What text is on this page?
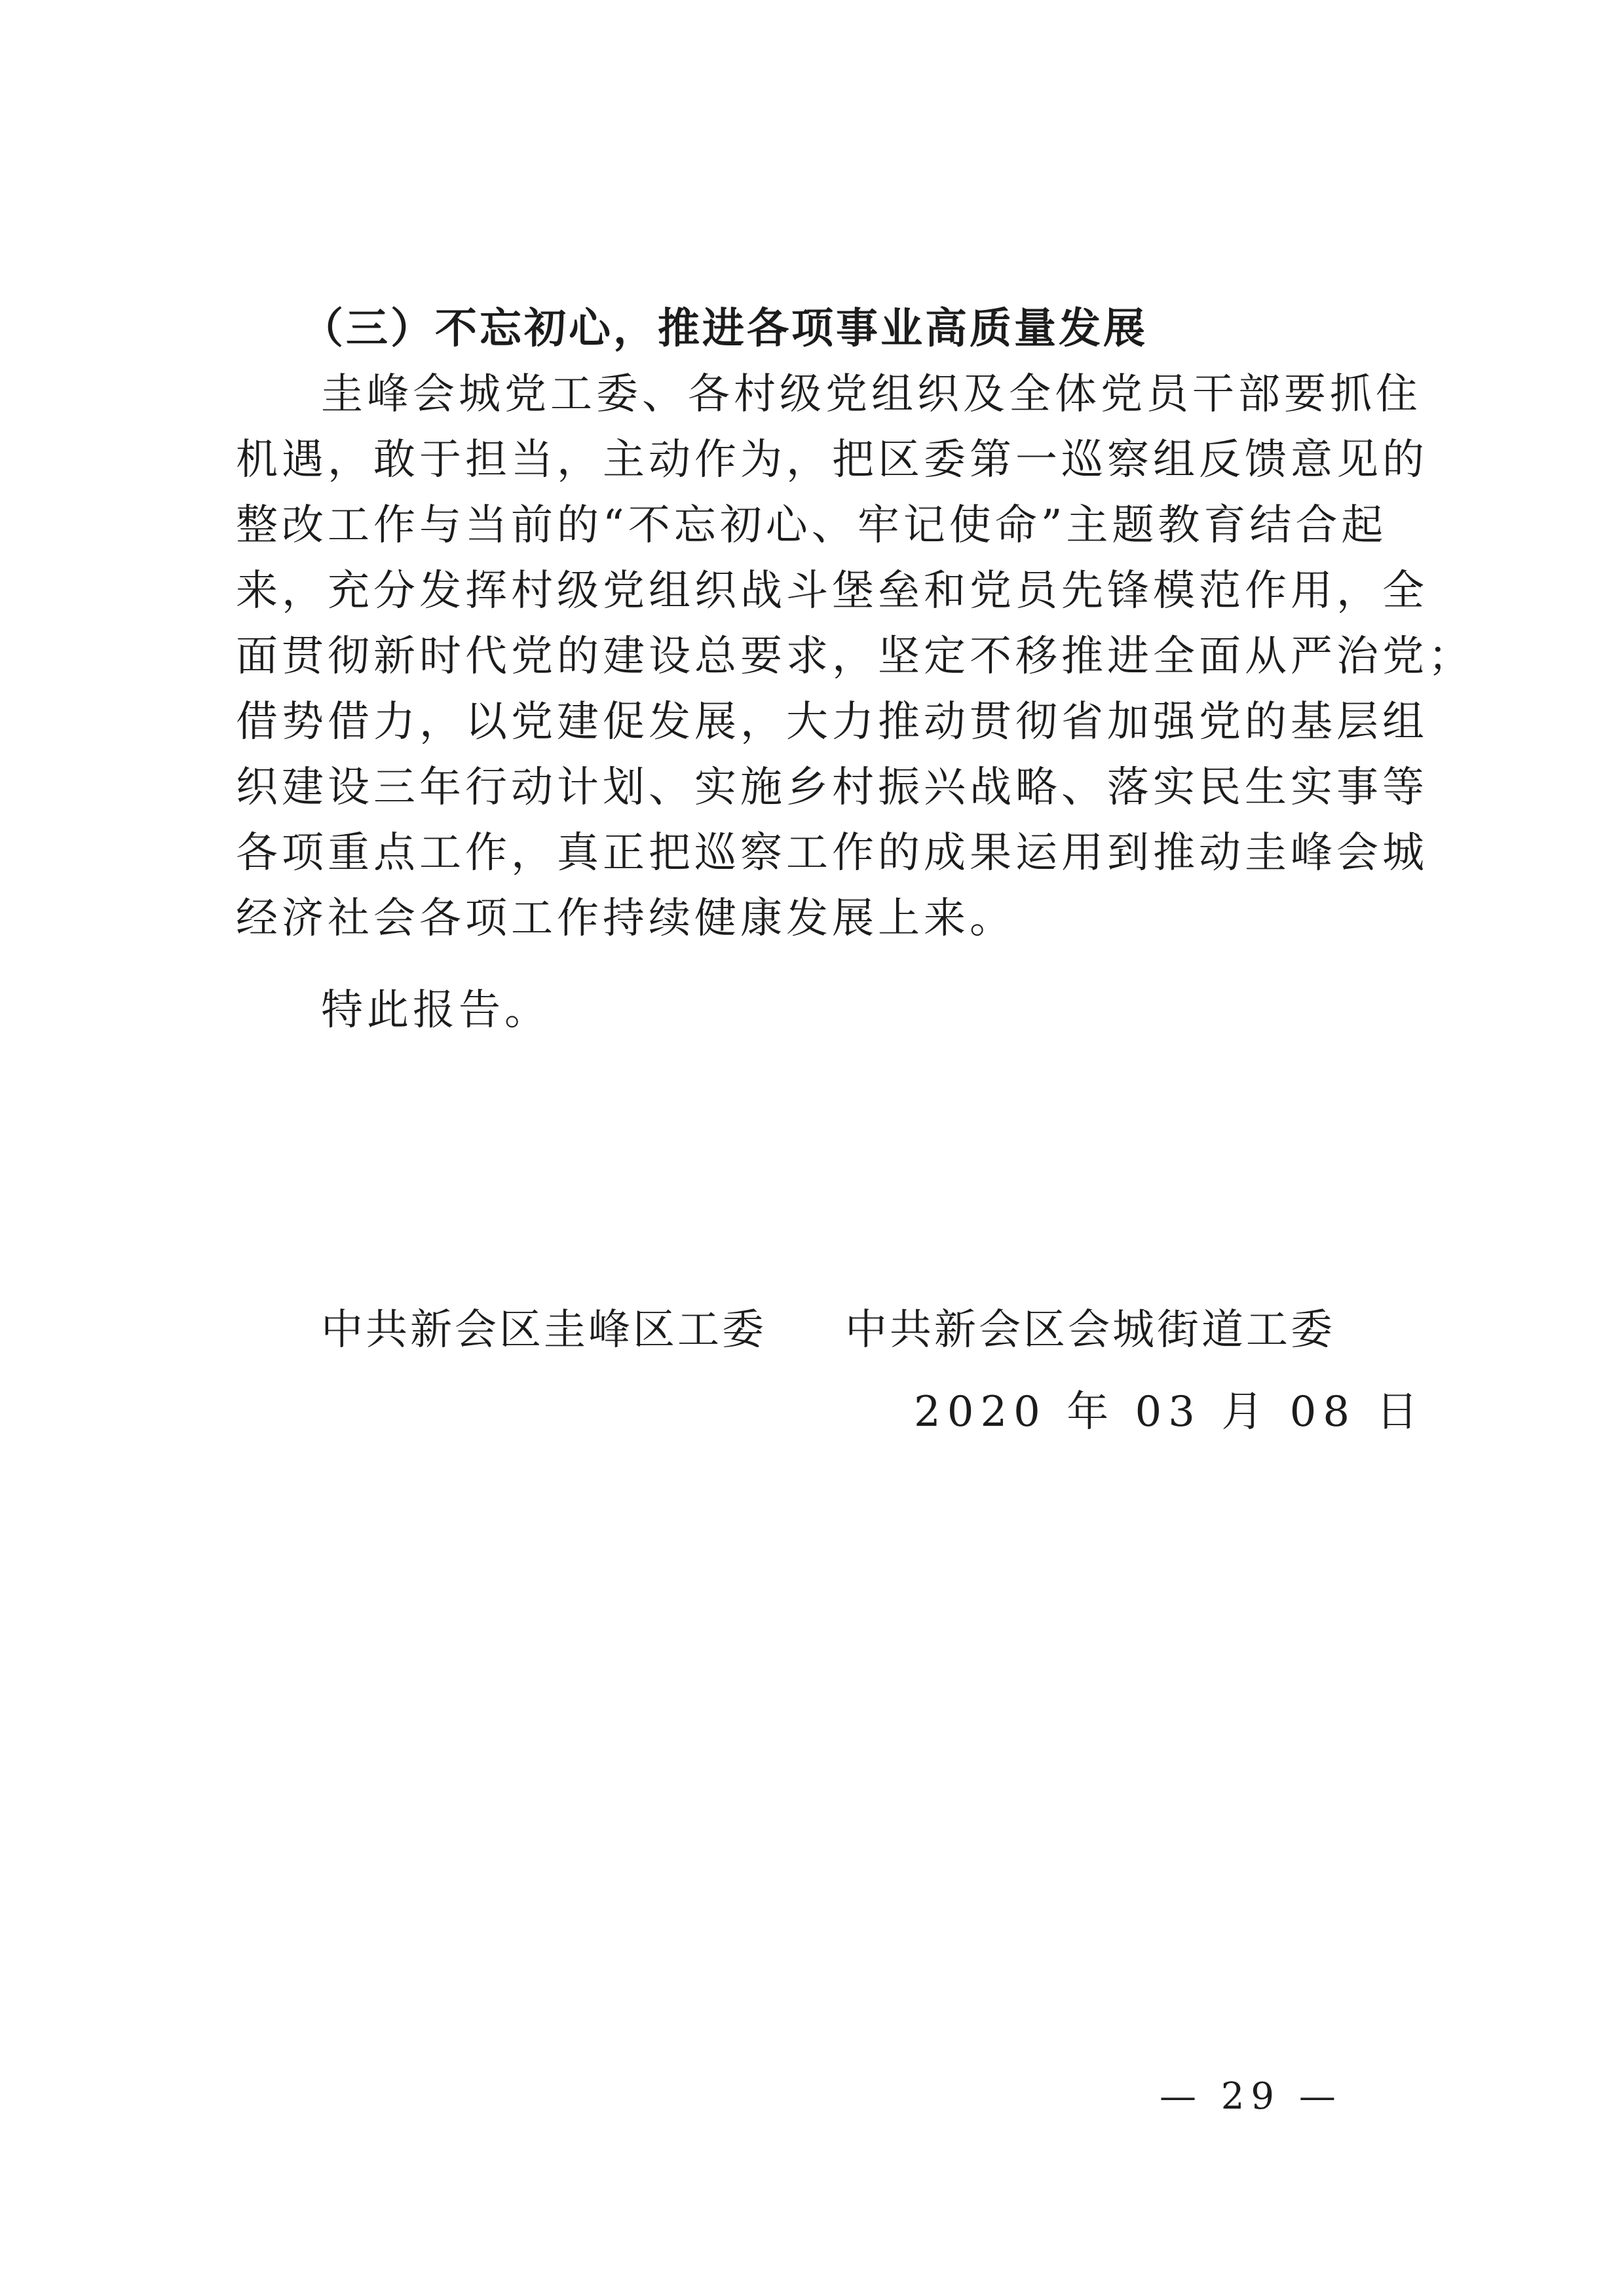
（三）不忘初心，推进各项事业高质量发展

圭峰会城党工委、各村级党组织及全体党员干部要抓住

机遇，敢于担当，主动作为，把区委第一巡察组反馈意见的

整改工作与当前的“不忘初心、牢记使命”主题教育结合起

来，充分发挥村级党组织战斗堡垒和党员先锋模范作用，全

面贯彻新时代党的建设总要求，坚定不移推进全面从严治党；

借势借力，以党建促发展，大力推动贯彻省加强党的基层组

织建设三年行动计划、实施乡村振兴战略、落实民生实事等

各项重点工作，真正把巡察工作的成果运用到推动圭峰会城

经济社会各项工作持续健康发展上来。

特此报告。

中共新会区圭峰区工委 中共新会区会城街道工委
2020 年 03 月 08 日
— 29 —
